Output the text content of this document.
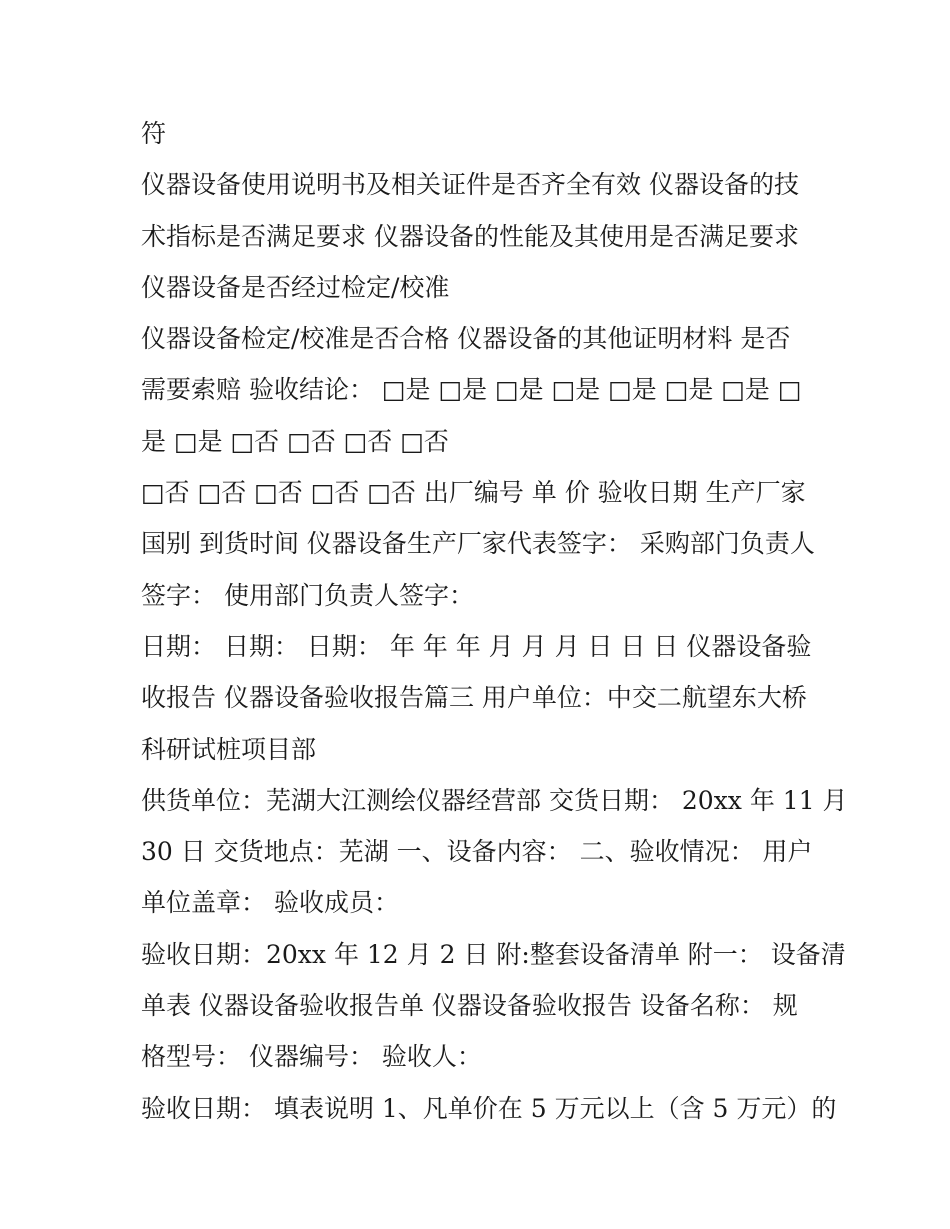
符
仪器设备使用说明书及相关证件是否齐全有效 仪器设备的技
术指标是否满足要求 仪器设备的性能及其使用是否满足要求
仪器设备是否经过检定/校准
仪器设备检定/校准是否合格 仪器设备的其他证明材料 是否
需要索赔 验收结论： □是 □是 □是 □是 □是 □是 □是 □
是 □是 □否 □否 □否 □否
□否 □否 □否 □否 □否 出厂编号 单 价 验收日期 生产厂家
国别 到货时间 仪器设备生产厂家代表签字： 采购部门负责人
签字： 使用部门负责人签字：
日期： 日期： 日期： 年 年 年 月 月 月 日 日 日 仪器设备验
收报告 仪器设备验收报告篇三 用户单位：中交二航望东大桥
科研试桩项目部
供货单位：芜湖大江测绘仪器经营部 交货日期： 20xx 年 11 月
30 日 交货地点：芜湖 一、设备内容： 二、验收情况： 用户
单位盖章： 验收成员：
验收日期：20xx 年 12 月 2 日 附:整套设备清单 附一： 设备清
单表 仪器设备验收报告单 仪器设备验收报告 设备名称： 规
格型号： 仪器编号： 验收人：
验收日期： 填表说明 1、凡单价在 5 万元以上（含 5 万元）的
